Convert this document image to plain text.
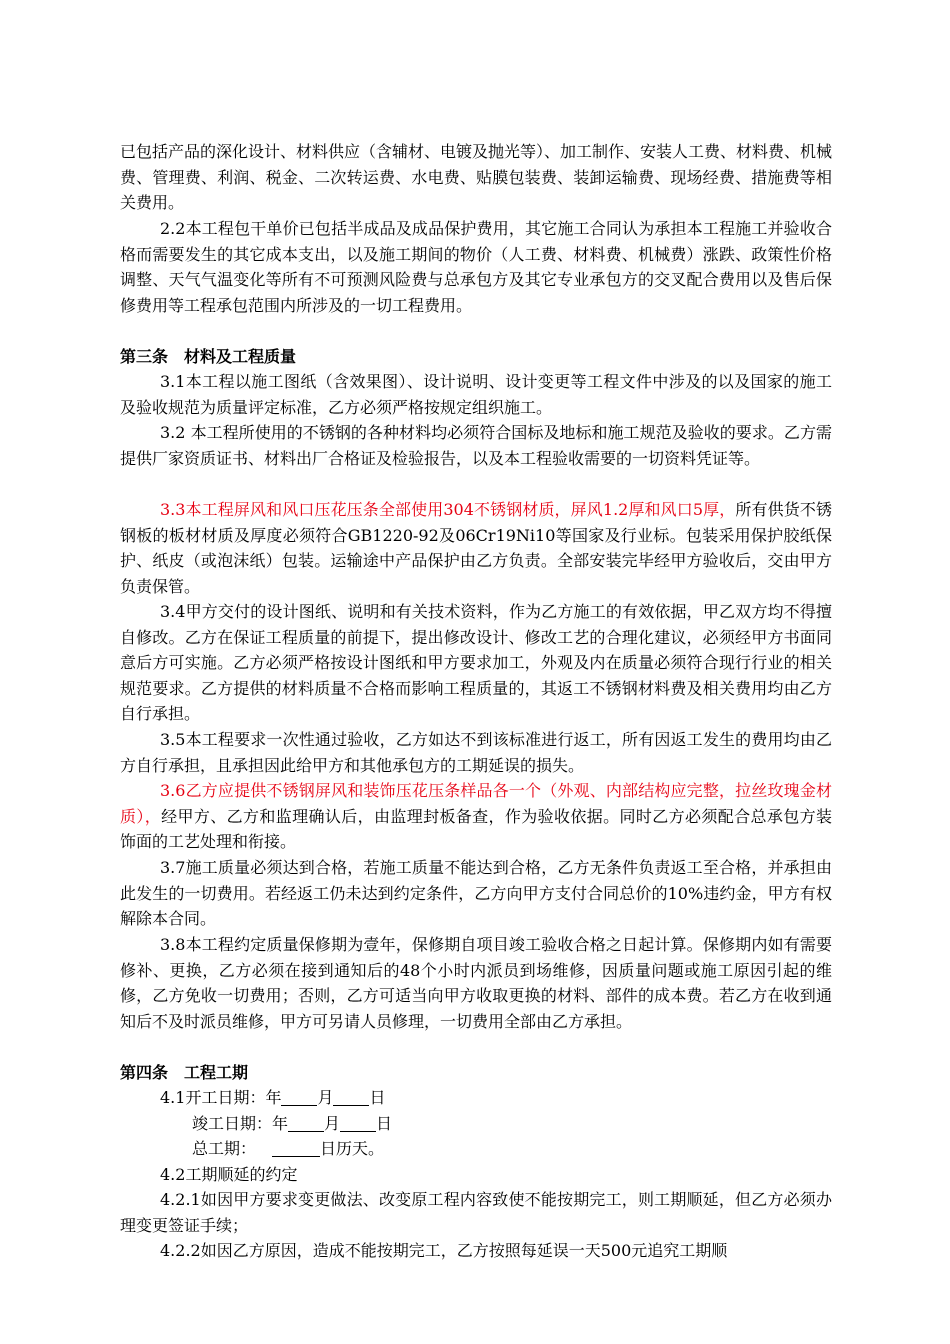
已包括产品的深化设计、材料供应（含辅材、电镀及抛光等）、加工制作、安装人工费、材料费、机械费、管理费、利润、税金、二次转运费、水电费、贴膜包装费、装卸运输费、现场经费、措施费等相关费用。

2.2本工程包干单价已包括半成品及成品保护费用，其它施工合同认为承担本工程施工并验收合格而需要发生的其它成本支出，以及施工期间的物价（人工费、材料费、机械费）涨跌、政策性价格调整、天气气温变化等所有不可预测风险费与总承包方及其它专业承包方的交叉配合费用以及售后保修费用等工程承包范围内所涉及的一切工程费用。

第三条　材料及工程质量

3.1本工程以施工图纸（含效果图）、设计说明、设计变更等工程文件中涉及的以及国家的施工及验收规范为质量评定标准，乙方必须严格按规定组织施工。

3.2 本工程所使用的不锈钢的各种材料均必须符合国标及地标和施工规范及验收的要求。乙方需提供厂家资质证书、材料出厂合格证及检验报告，以及本工程验收需要的一切资料凭证等。

3.3本工程屏风和风口压花压条全部使用304不锈钢材质，屏风1.2厚和风口5厚，所有供货不锈钢板的板材材质及厚度必须符合GB1220-92及06Cr19Ni10等国家及行业标。包装采用保护胶纸保护、纸皮（或泡沫纸）包装。运输途中产品保护由乙方负责。全部安装完毕经甲方验收后，交由甲方负责保管。

3.4甲方交付的设计图纸、说明和有关技术资料，作为乙方施工的有效依据，甲乙双方均不得擅自修改。乙方在保证工程质量的前提下，提出修改设计、修改工艺的合理化建议，必须经甲方书面同意后方可实施。乙方必须严格按设计图纸和甲方要求加工，外观及内在质量必须符合现行行业的相关规范要求。乙方提供的材料质量不合格而影响工程质量的，其返工不锈钢材料费及相关费用均由乙方自行承担。

3.5本工程要求一次性通过验收，乙方如达不到该标准进行返工，所有因返工发生的费用均由乙方自行承担，且承担因此给甲方和其他承包方的工期延误的损失。

3.6乙方应提供不锈钢屏风和装饰压花压条样品各一个（外观、内部结构应完整，拉丝玫瑰金材质），经甲方、乙方和监理确认后，由监理封板备查，作为验收依据。同时乙方必须配合总承包方装饰面的工艺处理和衔接。

3.7施工质量必须达到合格，若施工质量不能达到合格，乙方无条件负责返工至合格，并承担由此发生的一切费用。若经返工仍未达到约定条件，乙方向甲方支付合同总价的10%违约金，甲方有权解除本合同。

3.8本工程约定质量保修期为壹年，保修期自项目竣工验收合格之日起计算。保修期内如有需要修补、更换，乙方必须在接到通知后的48个小时内派员到场维修，因质量问题或施工原因引起的维修，乙方免收一切费用；否则，乙方可适当向甲方收取更换的材料、部件的成本费。若乙方在收到通知后不及时派员维修，甲方可另请人员修理，一切费用全部由乙方承担。

第四条　工程工期

4.1开工日期：年 月 日
竣工日期：年 月 日
总工期：	日历天。

4.2工期顺延的约定

4.2.1如因甲方要求变更做法、改变原工程内容致使不能按期完工，则工期顺延，但乙方必须办理变更签证手续；

4.2.2如因乙方原因，造成不能按期完工，乙方按照每延误一天500元追究工期顺
